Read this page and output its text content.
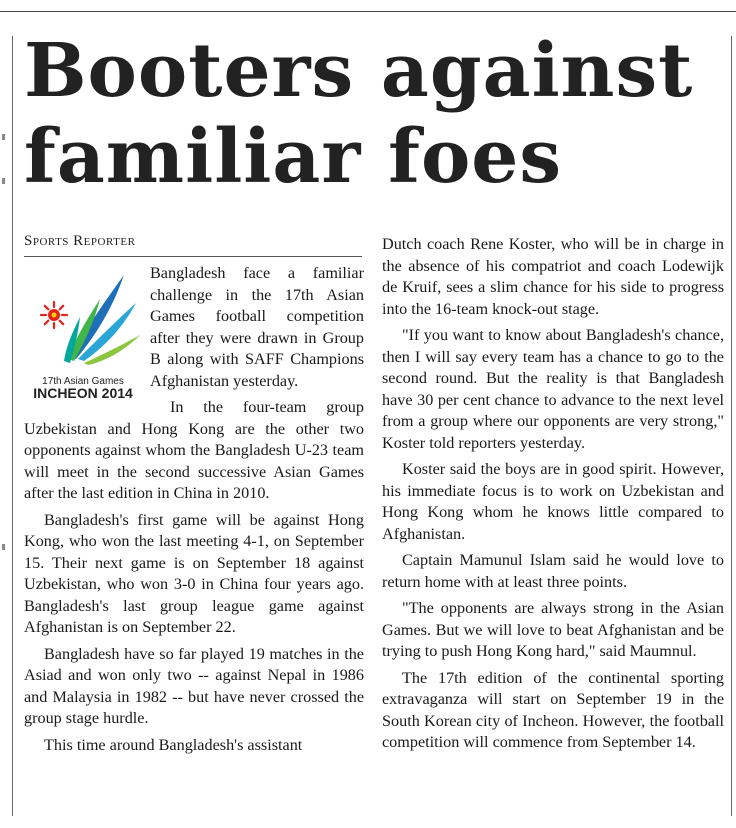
Booters against familiar foes
Sports Reporter
17th Asian Games
INCHEON 2014

Bangladesh face a familiar challenge in the 17th Asian Games football competition after they were drawn in Group B along with SAFF Champions Afghanistan yesterday.

In the four-team group Uzbekistan and Hong Kong are the other two opponents against whom the Bangladesh U-23 team will meet in the second successive Asian Games after the last edition in China in 2010.

Bangladesh's first game will be against Hong Kong, who won the last meeting 4-1, on September 15. Their next game is on September 18 against Uzbekistan, who won 3-0 in China four years ago. Bangladesh's last group league game against Afghanistan is on September 22.

Bangladesh have so far played 19 matches in the Asiad and won only two -- against Nepal in 1986 and Malaysia in 1982 -- but have never crossed the group stage hurdle.

This time around Bangladesh's assistant

Dutch coach Rene Koster, who will be in charge in the absence of his compatriot and coach Lodewijk de Kruif, sees a slim chance for his side to progress into the 16-team knock-out stage.

"If you want to know about Bangladesh's chance, then I will say every team has a chance to go to the second round. But the reality is that Bangladesh have 30 per cent chance to advance to the next level from a group where our opponents are very strong," Koster told reporters yesterday.

Koster said the boys are in good spirit. However, his immediate focus is to work on Uzbekistan and Hong Kong whom he knows little compared to Afghanistan.

Captain Mamunul Islam said he would love to return home with at least three points.

"The opponents are always strong in the Asian Games. But we will love to beat Afghanistan and be trying to push Hong Kong hard," said Maumnul.

The 17th edition of the continental sporting extravaganza will start on September 19 in the South Korean city of Incheon. However, the football competition will commence from September 14.
